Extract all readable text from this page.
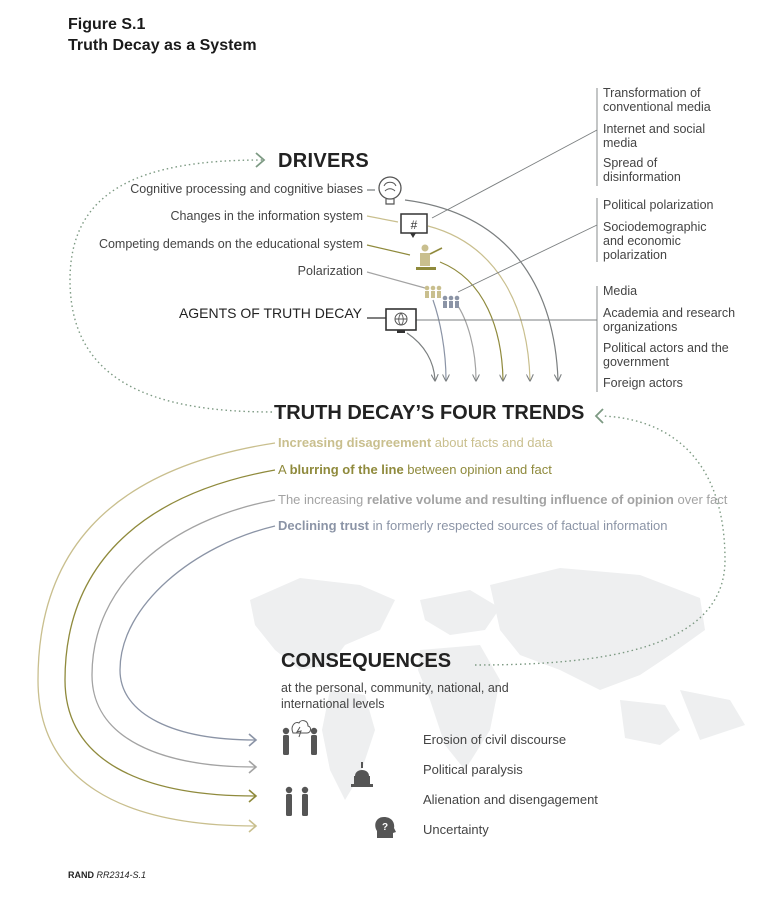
#
?
Figure S.1
Truth Decay as a System
DRIVERS
Cognitive processing and cognitive biases
Changes in the information system
Competing demands on the educational system
Polarization
AGENTS OF TRUTH DECAY
Transformation of conventional media
Internet and social media
Spread of disinformation
Political polarization
Sociodemographic and economic polarization
Media
Academia and research organizations
Political actors and the government
Foreign actors
TRUTH DECAY’S FOUR TRENDS
Increasing disagreement about facts and data
A blurring of the line between opinion and fact
The increasing relative volume and resulting influence of opinion over fact
Declining trust in formerly respected sources of factual information
CONSEQUENCES
at the personal, community, national, and international levels
Erosion of civil discourse
Political paralysis
Alienation and disengagement
Uncertainty
RAND RR2314-S.1
